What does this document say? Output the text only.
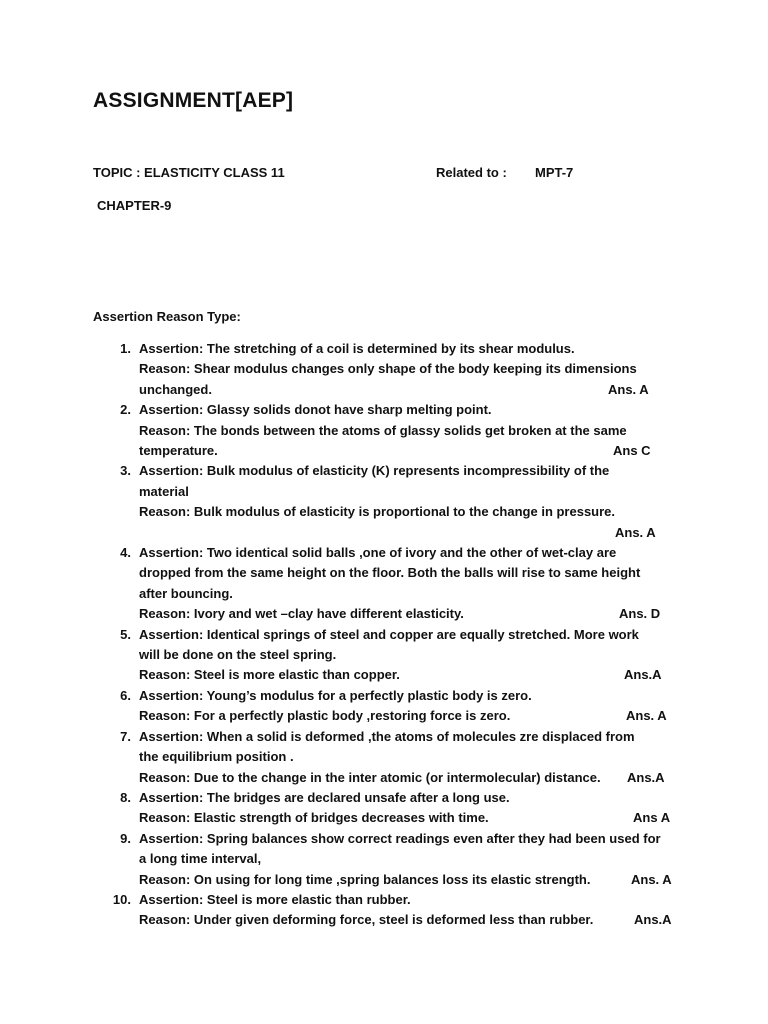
ASSIGNMENT[AEP]
TOPIC : ELASTICITY CLASS 11	Related to : MPT-7
CHAPTER-9
Assertion Reason Type:
1. Assertion: The stretching of a coil is determined by its shear modulus.
Reason: Shear modulus changes only shape of the body keeping its dimensions
unchanged.	Ans. A
2. Assertion: Glassy solids donot have sharp melting point.
Reason: The bonds between the atoms of glassy solids get broken at the same
temperature.	Ans C
3. Assertion: Bulk modulus of elasticity (K) represents incompressibility of the
material
Reason: Bulk modulus of elasticity is proportional to the change in pressure.
Ans. A
4. Assertion: Two identical solid balls ,one of ivory and the other of wet-clay are
dropped from the same height on the floor. Both the balls will rise to same height
after bouncing.
Reason: Ivory and wet –clay have different elasticity.	Ans. D
5. Assertion: Identical springs of steel and copper are equally stretched. More work
will be done on the steel spring.
Reason: Steel is more elastic than copper.	Ans.A
6. Assertion: Young’s modulus for a perfectly plastic body is zero.
Reason: For a perfectly plastic body ,restoring force is zero.	Ans. A
7. Assertion: When a solid is deformed ,the atoms of molecules zre displaced from
the equilibrium position .
Reason: Due to the change in the inter atomic (or intermolecular) distance. Ans.A
8. Assertion: The bridges are declared unsafe after a long use.
Reason: Elastic strength of bridges decreases with time.	Ans A
9. Assertion: Spring balances show correct readings even after they had been used for
a long time interval,
Reason: On using for long time ,spring balances loss its elastic strength.	Ans. A
10. Assertion: Steel is more elastic than rubber.
Reason: Under given deforming force, steel is deformed less than rubber.	Ans.A
